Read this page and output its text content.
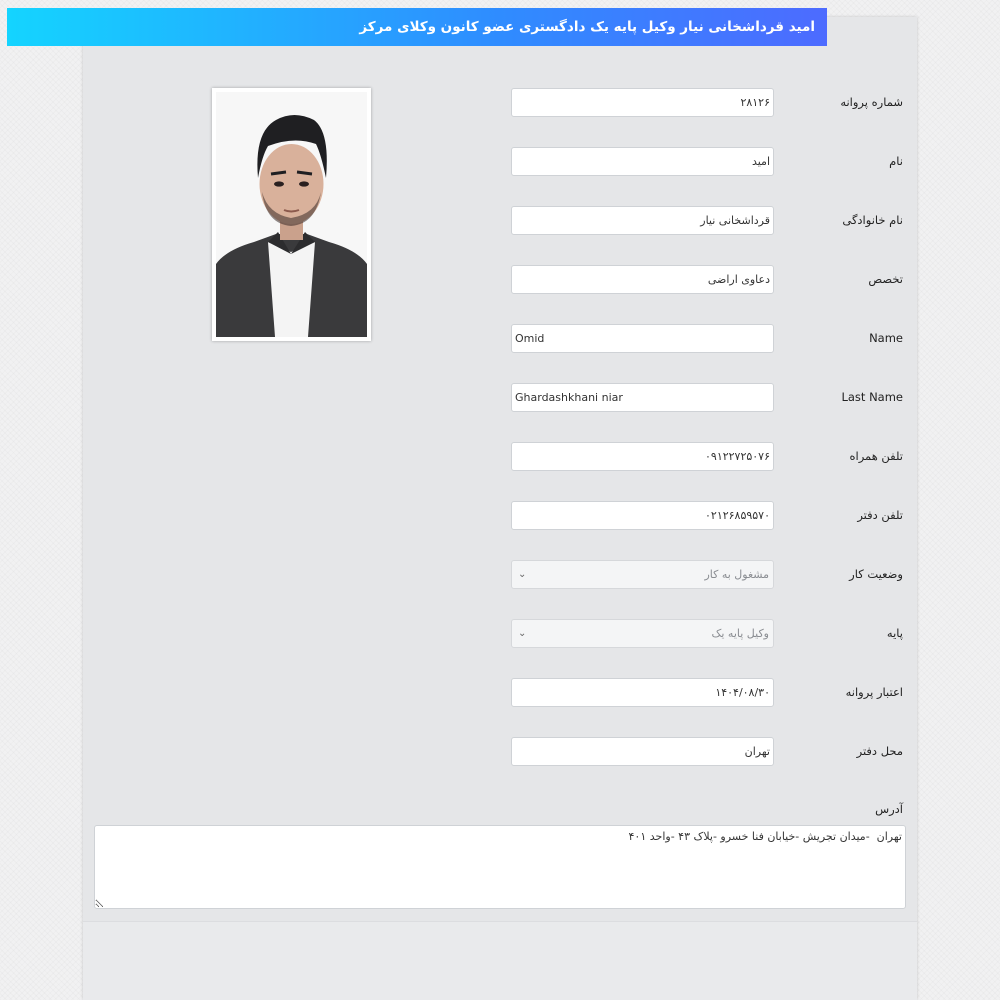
امید قرداشخانی نیار وکیل پایه یک دادگستری عضو کانون وکلای مرکز
شماره پروانه
۲۸۱۲۶
نام
امید
نام خانوادگی
قرداشخانی نیار
تخصص
دعاوی اراضی
Name
Omid
Last Name
Ghardashkhani niar
تلفن همراه
۰۹۱۲۲۷۲۵۰۷۶
تلفن دفتر
۰۲۱۲۶۸۵۹۵۷۰
وضعیت کار
مشغول به کار
⌄
پایه
وکیل پایه یک
⌄
اعتبار پروانه
۱۴۰۴/۰۸/۳۰
محل دفتر
تهران
آدرس
تهران -میدان تجریش -خیابان فنا خسرو -پلاک ۴۳ -واحد ۴۰۱
